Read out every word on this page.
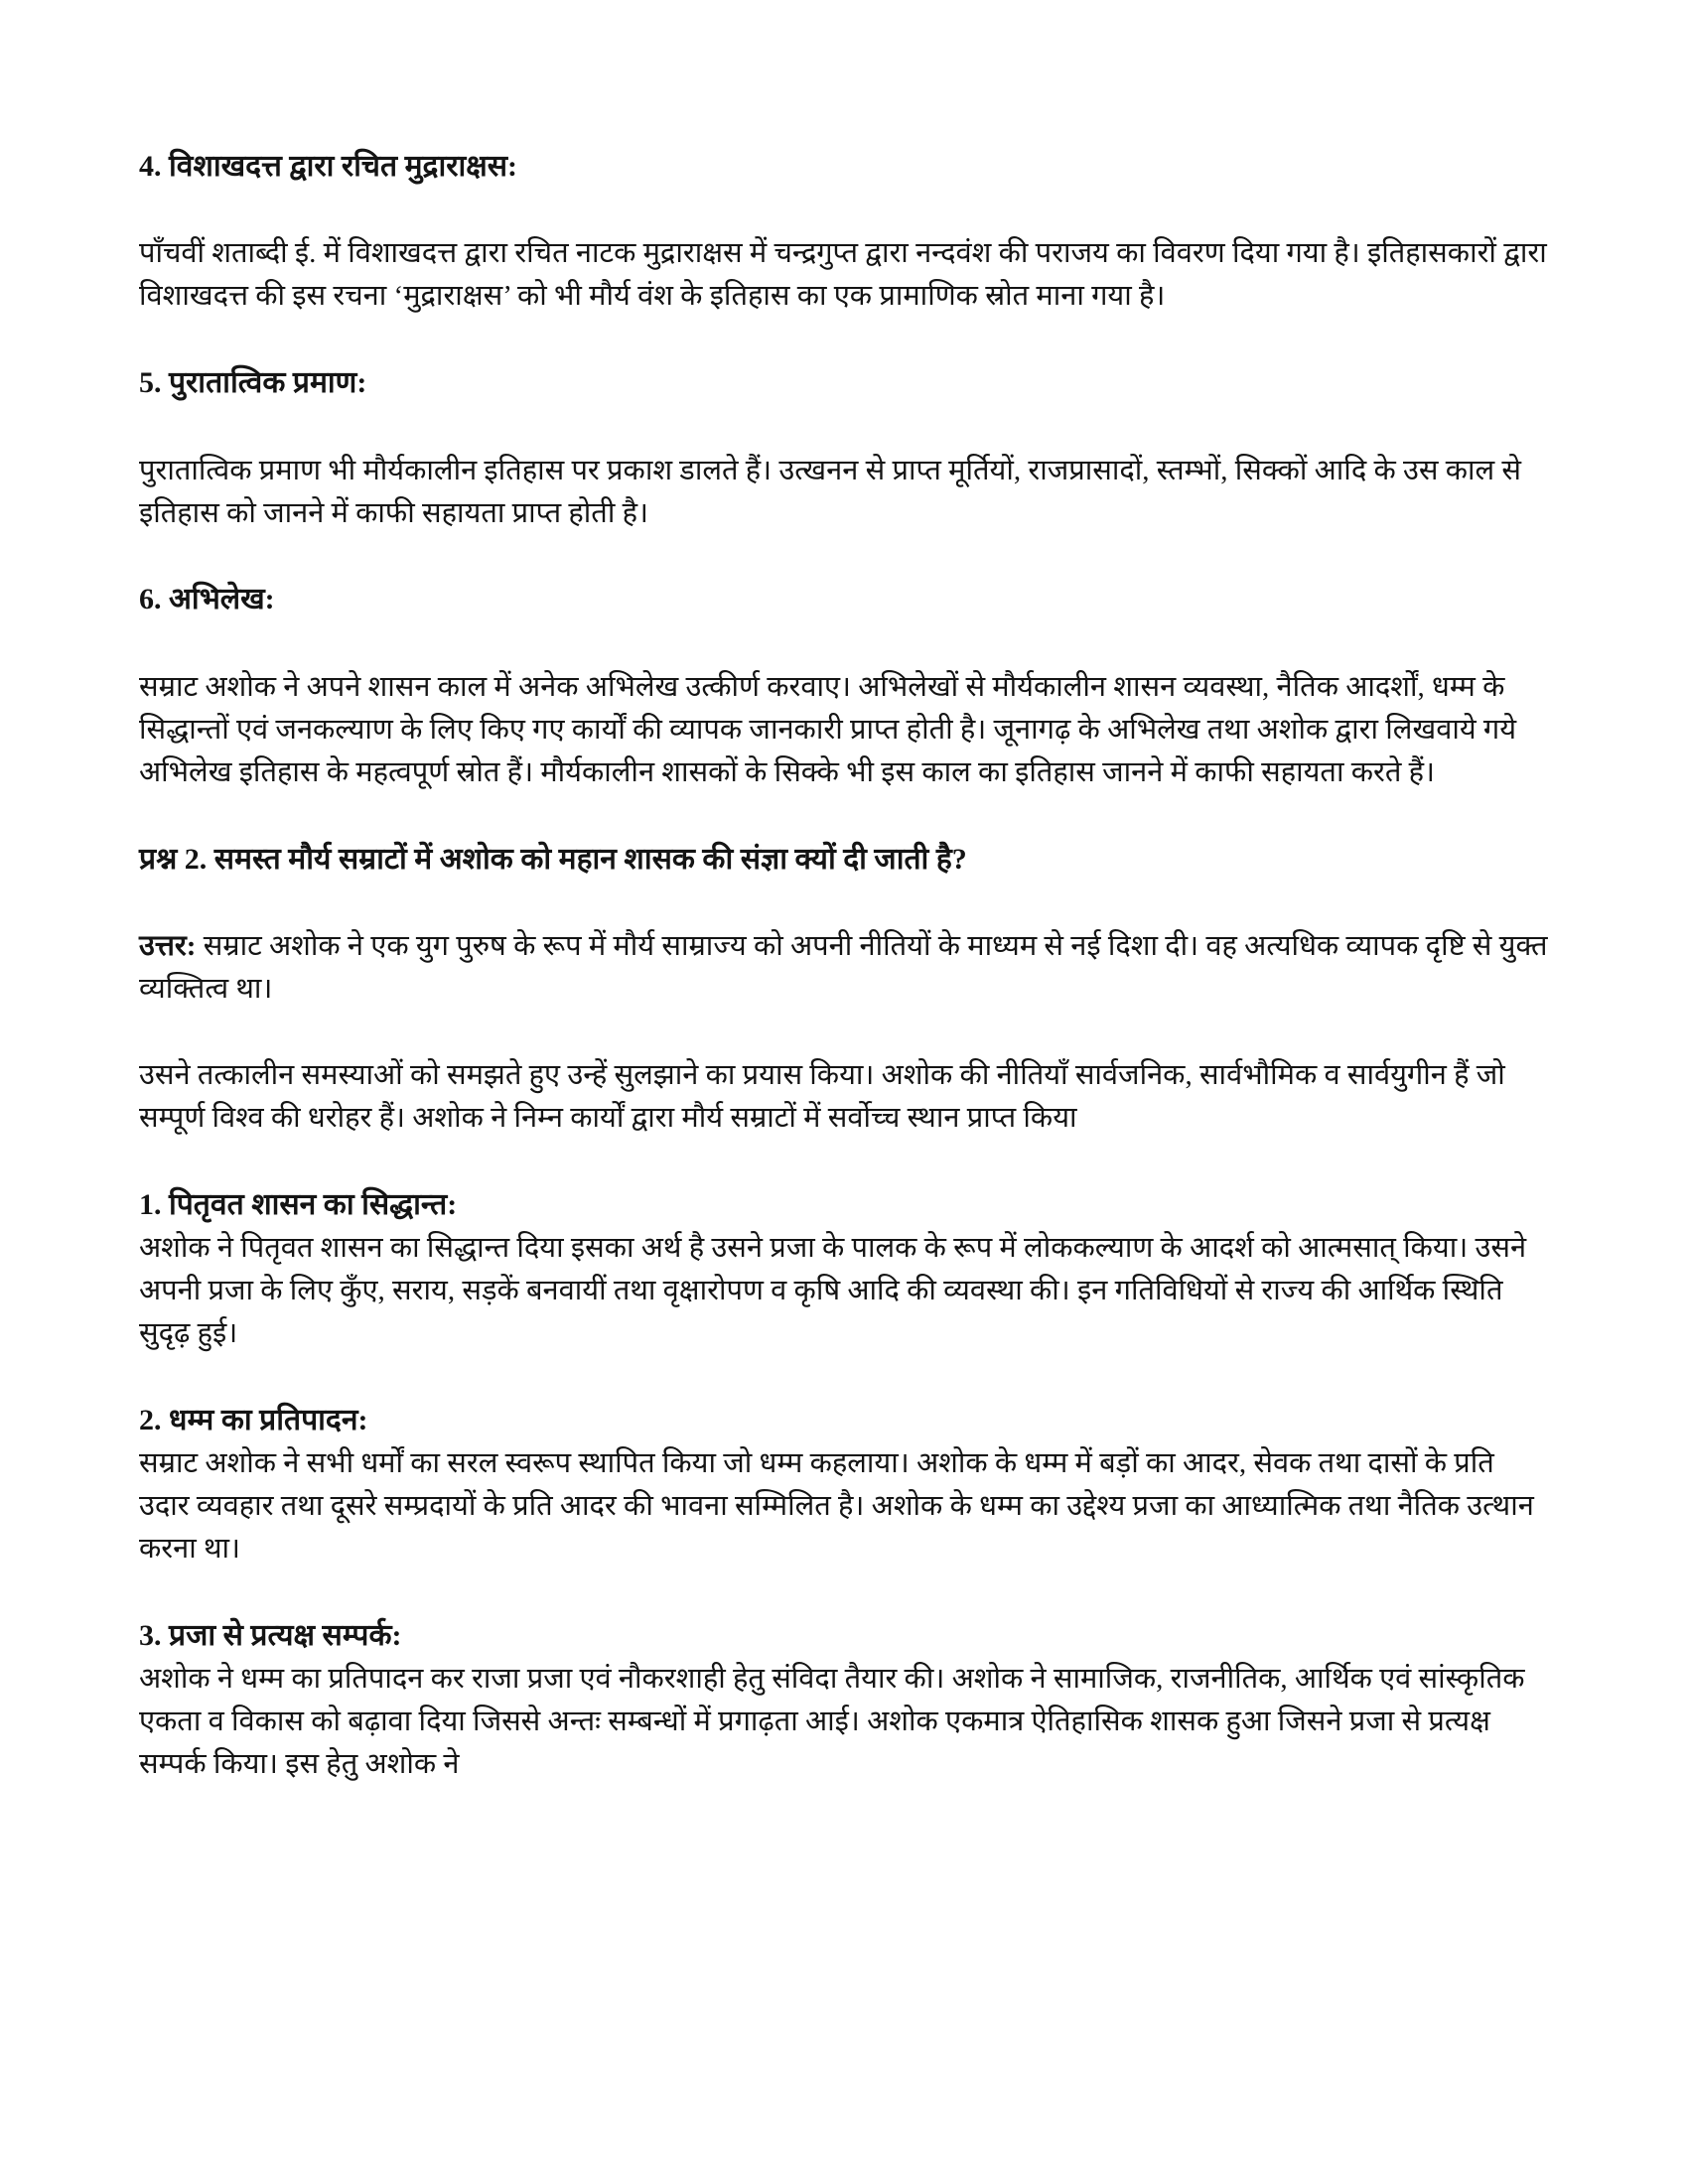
4. विशाखदत्त द्वारा रचित मुद्राराक्षस:

पाँचवीं शताब्दी ई. में विशाखदत्त द्वारा रचित नाटक मुद्राराक्षस में चन्द्रगुप्त द्वारा नन्दवंश की पराजय का विवरण दिया गया है। इतिहासकारों द्वारा विशाखदत्त की इस रचना ‘मुद्राराक्षस’ को भी मौर्य वंश के इतिहास का एक प्रामाणिक स्रोत माना गया है।

5. पुरातात्विक प्रमाण:

पुरातात्विक प्रमाण भी मौर्यकालीन इतिहास पर प्रकाश डालते हैं। उत्खनन से प्राप्त मूर्तियों, राजप्रासादों, स्तम्भों, सिक्कों आदि के उस काल से इतिहास को जानने में काफी सहायता प्राप्त होती है।

6. अभिलेख:

सम्राट अशोक ने अपने शासन काल में अनेक अभिलेख उत्कीर्ण करवाए। अभिलेखों से मौर्यकालीन शासन व्यवस्था, नैतिक आदर्शों, धम्म के सिद्धान्तों एवं जनकल्याण के लिए किए गए कार्यों की व्यापक जानकारी प्राप्त होती है। जूनागढ़ के अभिलेख तथा अशोक द्वारा लिखवाये गये अभिलेख इतिहास के महत्वपूर्ण स्रोत हैं। मौर्यकालीन शासकों के सिक्के भी इस काल का इतिहास जानने में काफी सहायता करते हैं।

प्रश्न 2. समस्त मौर्य सम्राटों में अशोक को महान शासक की संज्ञा क्यों दी जाती है?

उत्तर: सम्राट अशोक ने एक युग पुरुष के रूप में मौर्य साम्राज्य को अपनी नीतियों के माध्यम से नई दिशा दी। वह अत्यधिक व्यापक दृष्टि से युक्त व्यक्तित्व था।

उसने तत्कालीन समस्याओं को समझते हुए उन्हें सुलझाने का प्रयास किया। अशोक की नीतियाँ सार्वजनिक, सार्वभौमिक व सार्वयुगीन हैं जो सम्पूर्ण विश्व की धरोहर हैं। अशोक ने निम्न कार्यों द्वारा मौर्य सम्राटों में सर्वोच्च स्थान प्राप्त किया

1. पितृवत शासन का सिद्धान्त:

अशोक ने पितृवत शासन का सिद्धान्त दिया इसका अर्थ है उसने प्रजा के पालक के रूप में लोककल्याण के आदर्श को आत्मसात् किया। उसने अपनी प्रजा के लिए कुँए, सराय, सड़कें बनवायीं तथा वृक्षारोपण व कृषि आदि की व्यवस्था की। इन गतिविधियों से राज्य की आर्थिक स्थिति सुदृढ़ हुई।

2. धम्म का प्रतिपादन:

सम्राट अशोक ने सभी धर्मों का सरल स्वरूप स्थापित किया जो धम्म कहलाया। अशोक के धम्म में बड़ों का आदर, सेवक तथा दासों के प्रति उदार व्यवहार तथा दूसरे सम्प्रदायों के प्रति आदर की भावना सम्मिलित है। अशोक के धम्म का उद्देश्य प्रजा का आध्यात्मिक तथा नैतिक उत्थान करना था।

3. प्रजा से प्रत्यक्ष सम्पर्क:

अशोक ने धम्म का प्रतिपादन कर राजा प्रजा एवं नौकरशाही हेतु संविदा तैयार की। अशोक ने सामाजिक, राजनीतिक, आर्थिक एवं सांस्कृतिक एकता व विकास को बढ़ावा दिया जिससे अन्तः सम्बन्धों में प्रगाढ़ता आई। अशोक एकमात्र ऐतिहासिक शासक हुआ जिसने प्रजा से प्रत्यक्ष सम्पर्क किया। इस हेतु अशोक ने
